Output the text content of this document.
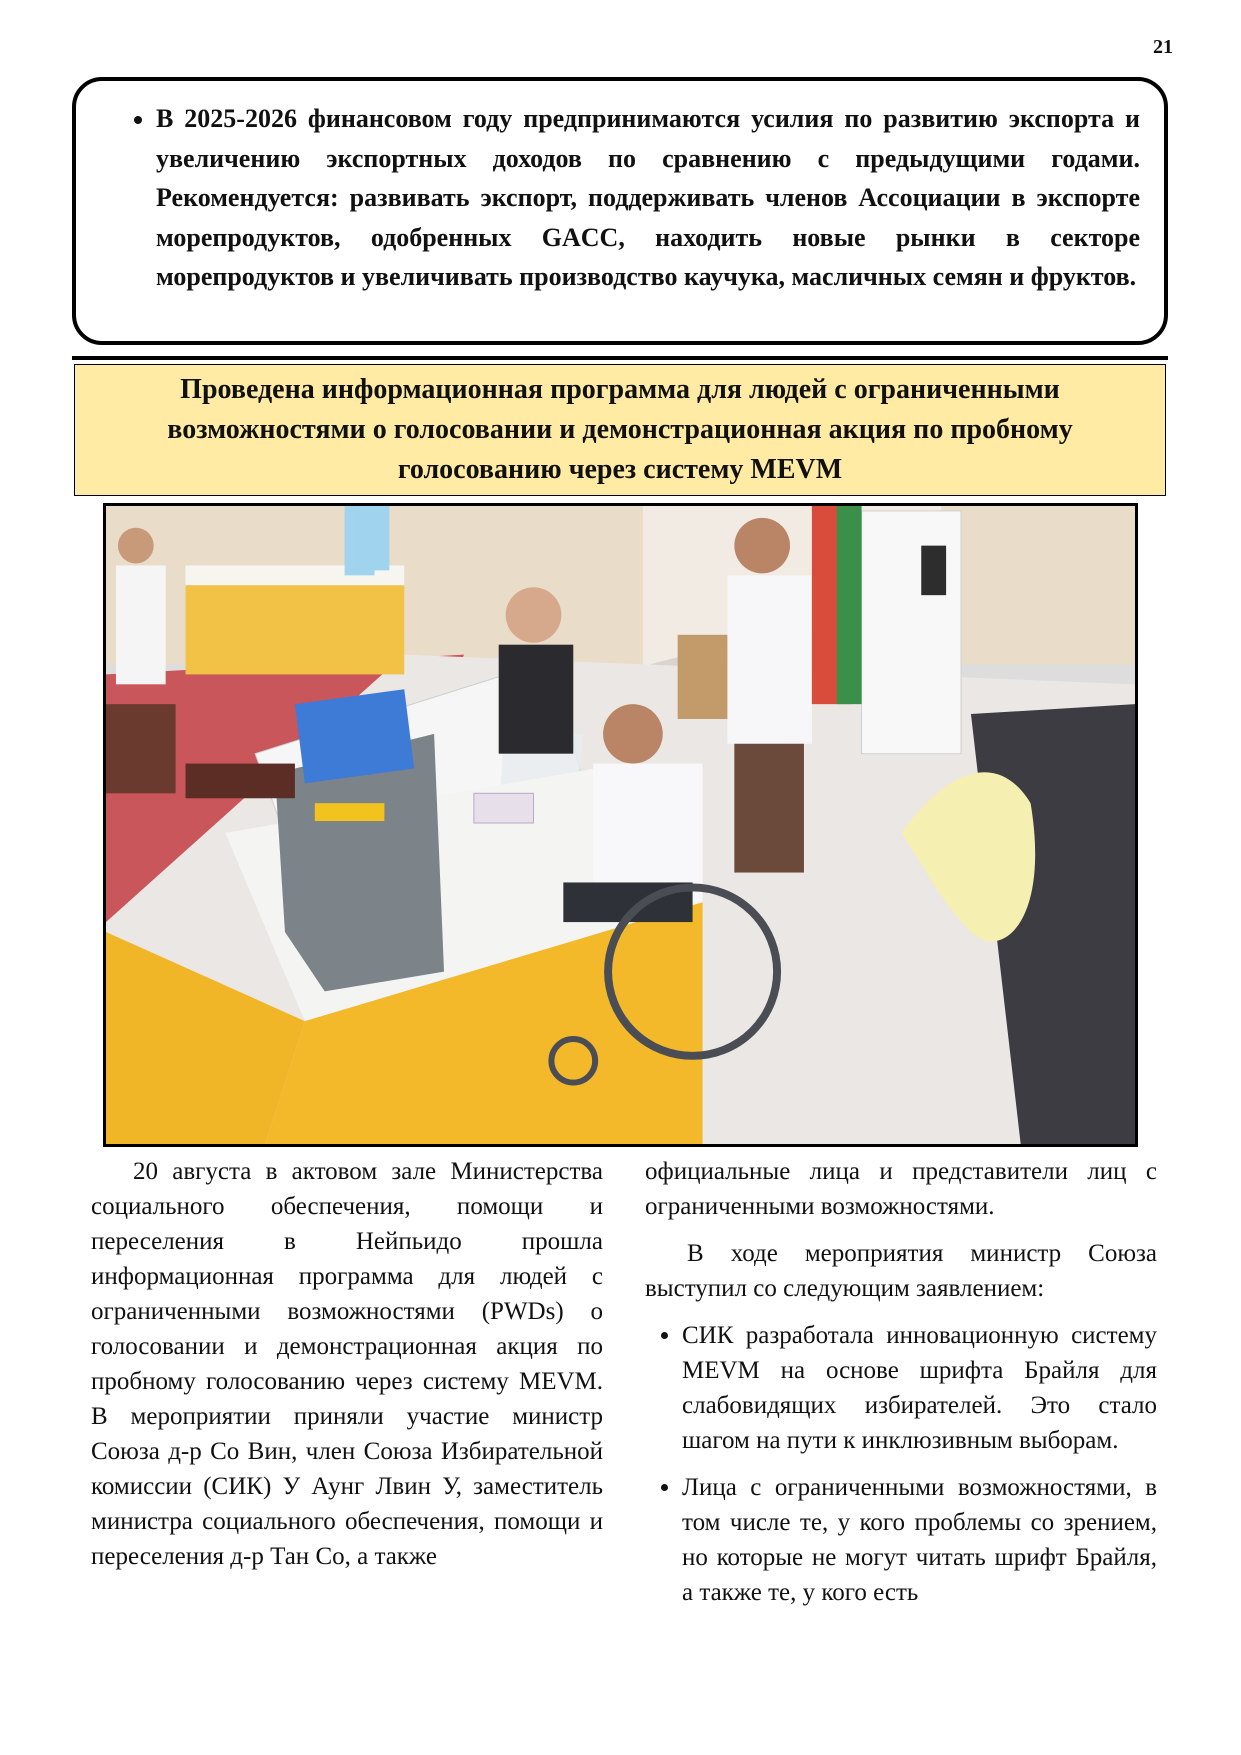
21
• В 2025-2026 финансовом году предпринимаются усилия по развитию экспорта и увеличению экспортных доходов по сравнению с предыдущими годами. Рекомендуется: развивать экспорт, поддерживать членов Ассоциации в экспорте морепродуктов, одобренных GACC, находить новые рынки в секторе морепродуктов и увеличивать производство каучука, масличных семян и фруктов.
Проведена информационная программа для людей с ограниченными возможностями о голосовании и демонстрационная акция по пробному голосованию через систему MEVM

20 августа в актовом зале Министерства социального обеспечения, помощи и переселения в Нейпьидо прошла информационная программа для людей с ограниченными возможностями (PWDs) о голосовании и демонстрационная акция по пробному голосованию через систему MEVM. В мероприятии приняли участие министр Союза д-р Со Вин, член Союза Избирательной комиссии (СИК) У Аунг Лвин У, заместитель министра социального обеспечения, помощи и переселения д-р Тан Со, а также

официальные лица и представители лиц с ограниченными возможностями.

В ходе мероприятия министр Союза выступил со следующим заявлением:

• СИК разработала инновационную систему MEVM на основе шрифта Брайля для слабовидящих избирателей. Это стало шагом на пути к инклюзивным выборам.
• Лица с ограниченными возможностями, в том числе те, у кого проблемы со зрением, но которые не могут читать шрифт Брайля, а также те, у кого есть
